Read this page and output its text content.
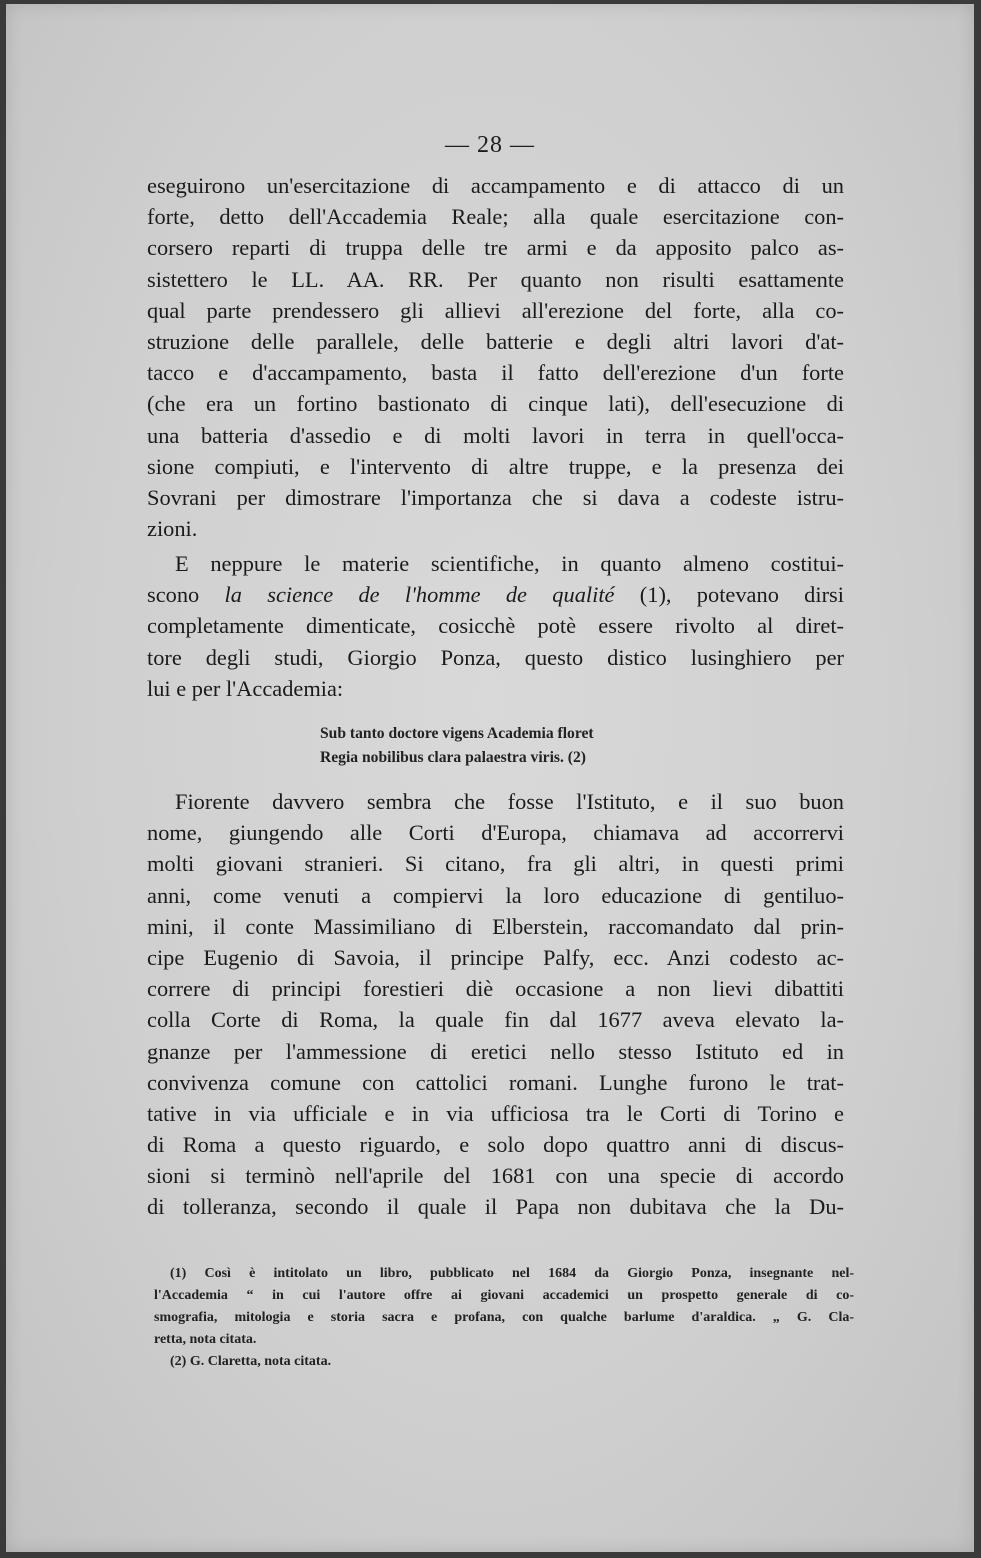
— 28 —
eseguirono un'esercitazione di accampamento e di attacco di un
forte, detto dell'Accademia Reale; alla quale esercitazione con-
corsero reparti di truppa delle tre armi e da apposito palco as-
sistettero le LL. AA. RR. Per quanto non risulti esattamente
qual parte prendessero gli allievi all'erezione del forte, alla co-
struzione delle parallele, delle batterie e degli altri lavori d'at-
tacco e d'accampamento, basta il fatto dell'erezione d'un forte
(che era un fortino bastionato di cinque lati), dell'esecuzione di
una batteria d'assedio e di molti lavori in terra in quell'occa-
sione compiuti, e l'intervento di altre truppe, e la presenza dei
Sovrani per dimostrare l'importanza che si dava a codeste istru-
zioni.
E neppure le materie scientifiche, in quanto almeno costitui-
scono la science de l'homme de qualité (1), potevano dirsi
completamente dimenticate, cosicchè potè essere rivolto al diret-
tore degli studi, Giorgio Ponza, questo distico lusinghiero per
lui e per l'Accademia:
Sub tanto doctore vigens Academia floret
Regia nobilibus clara palaestra viris. (2)
Fiorente davvero sembra che fosse l'Istituto, e il suo buon
nome, giungendo alle Corti d'Europa, chiamava ad accorrervi
molti giovani stranieri. Si citano, fra gli altri, in questi primi
anni, come venuti a compiervi la loro educazione di gentiluo-
mini, il conte Massimiliano di Elberstein, raccomandato dal prin-
cipe Eugenio di Savoia, il principe Palfy, ecc. Anzi codesto ac-
correre di principi forestieri diè occasione a non lievi dibattiti
colla Corte di Roma, la quale fin dal 1677 aveva elevato la-
gnanze per l'ammessione di eretici nello stesso Istituto ed in
convivenza comune con cattolici romani. Lunghe furono le trat-
tative in via ufficiale e in via ufficiosa tra le Corti di Torino e
di Roma a questo riguardo, e solo dopo quattro anni di discus-
sioni si terminò nell'aprile del 1681 con una specie di accordo
di tolleranza, secondo il quale il Papa non dubitava che la Du-
(1) Così è intitolato un libro, pubblicato nel 1684 da Giorgio Ponza, insegnante nel-
l'Accademia “ in cui l'autore offre ai giovani accademici un prospetto generale di co-
smografia, mitologia e storia sacra e profana, con qualche barlume d'araldica. „ G. Cla-
retta, nota citata.
(2) G. Claretta, nota citata.
